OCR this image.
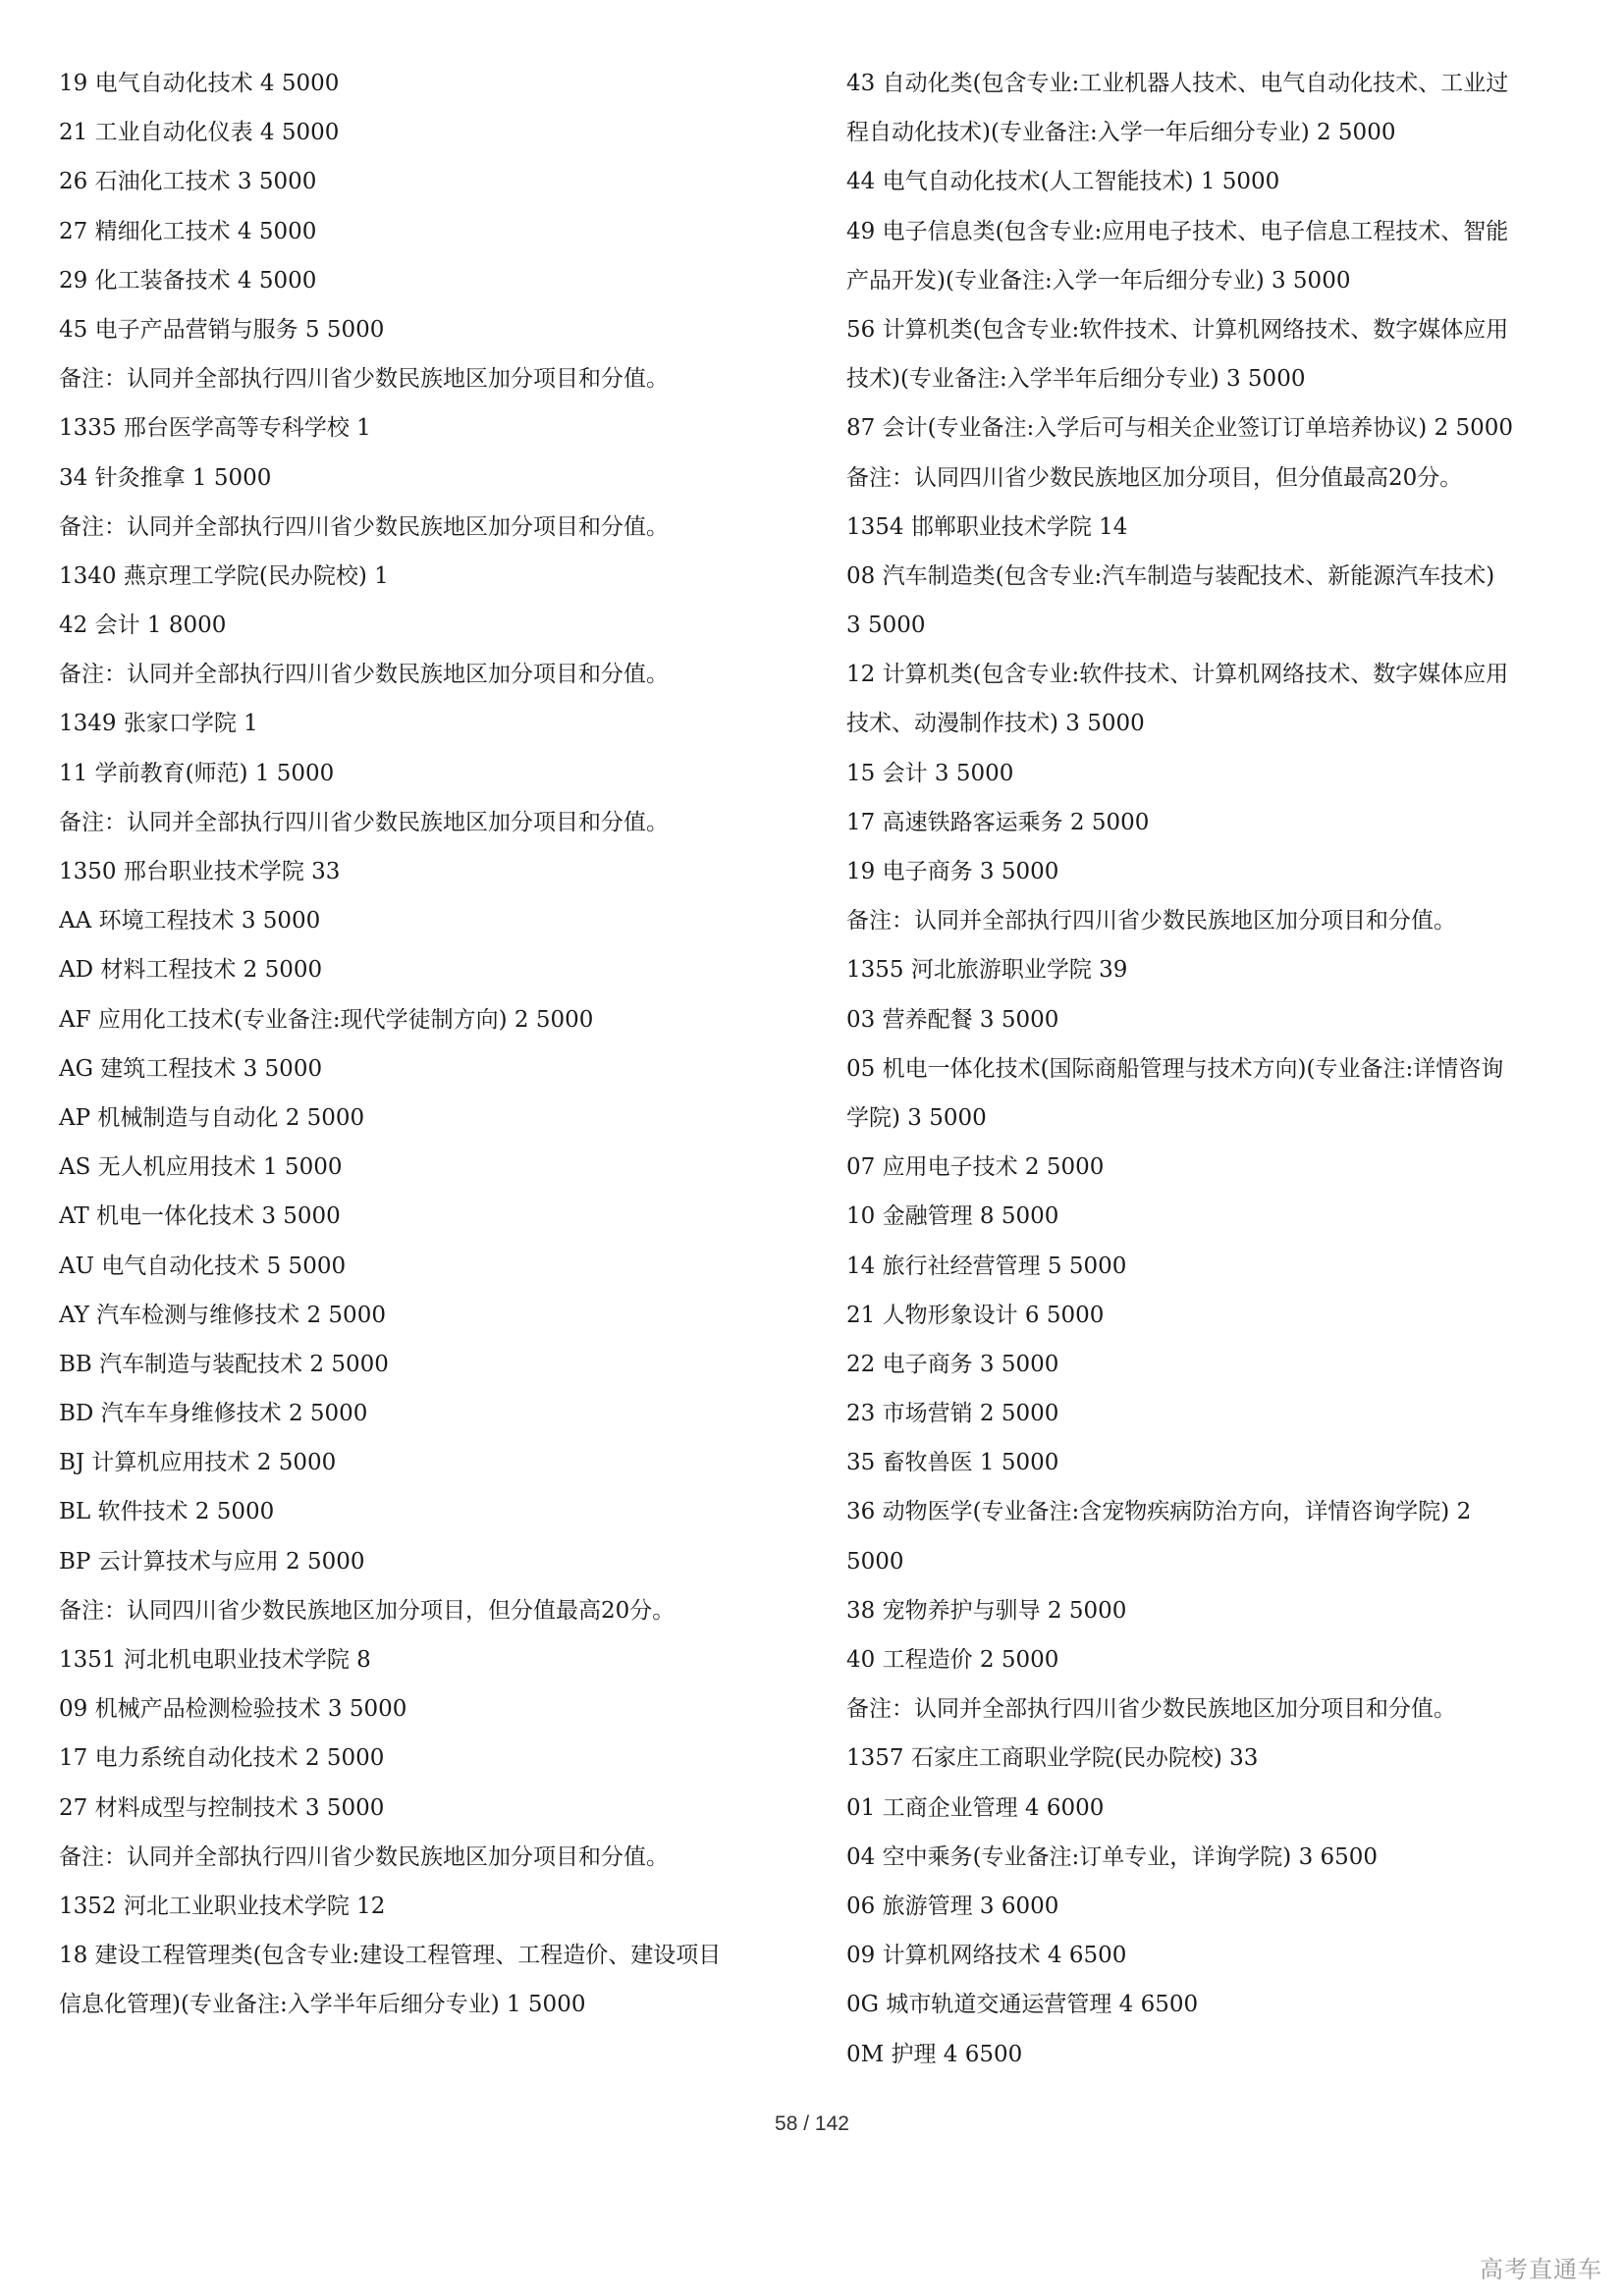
19 电气自动化技术 4 5000
21 工业自动化仪表 4 5000
26 石油化工技术 3 5000
27 精细化工技术 4 5000
29 化工装备技术 4 5000
45 电子产品营销与服务 5 5000
备注：认同并全部执行四川省少数民族地区加分项目和分值。
1335 邢台医学高等专科学校 1
34 针灸推拿 1 5000
备注：认同并全部执行四川省少数民族地区加分项目和分值。
1340 燕京理工学院(民办院校) 1
42 会计 1 8000
备注：认同并全部执行四川省少数民族地区加分项目和分值。
1349 张家口学院 1
11 学前教育(师范) 1 5000
备注：认同并全部执行四川省少数民族地区加分项目和分值。
1350 邢台职业技术学院 33
AA 环境工程技术 3 5000
AD 材料工程技术 2 5000
AF 应用化工技术(专业备注:现代学徒制方向) 2 5000
AG 建筑工程技术 3 5000
AP 机械制造与自动化 2 5000
AS 无人机应用技术 1 5000
AT 机电一体化技术 3 5000
AU 电气自动化技术 5 5000
AY 汽车检测与维修技术 2 5000
BB 汽车制造与装配技术 2 5000
BD 汽车车身维修技术 2 5000
BJ 计算机应用技术 2 5000
BL 软件技术 2 5000
BP 云计算技术与应用 2 5000
备注：认同四川省少数民族地区加分项目，但分值最高20分。
1351 河北机电职业技术学院 8
09 机械产品检测检验技术 3 5000
17 电力系统自动化技术 2 5000
27 材料成型与控制技术 3 5000
备注：认同并全部执行四川省少数民族地区加分项目和分值。
1352 河北工业职业技术学院 12
18 建设工程管理类(包含专业:建设工程管理、工程造价、建设项目
信息化管理)(专业备注:入学半年后细分专业) 1 5000
43 自动化类(包含专业:工业机器人技术、电气自动化技术、工业过
程自动化技术)(专业备注:入学一年后细分专业) 2 5000
44 电气自动化技术(人工智能技术) 1 5000
49 电子信息类(包含专业:应用电子技术、电子信息工程技术、智能
产品开发)(专业备注:入学一年后细分专业) 3 5000
56 计算机类(包含专业:软件技术、计算机网络技术、数字媒体应用
技术)(专业备注:入学半年后细分专业) 3 5000
87 会计(专业备注:入学后可与相关企业签订订单培养协议) 2 5000
备注：认同四川省少数民族地区加分项目，但分值最高20分。
1354 邯郸职业技术学院 14
08 汽车制造类(包含专业:汽车制造与装配技术、新能源汽车技术)
3 5000
12 计算机类(包含专业:软件技术、计算机网络技术、数字媒体应用
技术、动漫制作技术) 3 5000
15 会计 3 5000
17 高速铁路客运乘务 2 5000
19 电子商务 3 5000
备注：认同并全部执行四川省少数民族地区加分项目和分值。
1355 河北旅游职业学院 39
03 营养配餐 3 5000
05 机电一体化技术(国际商船管理与技术方向)(专业备注:详情咨询
学院) 3 5000
07 应用电子技术 2 5000
10 金融管理 8 5000
14 旅行社经营管理 5 5000
21 人物形象设计 6 5000
22 电子商务 3 5000
23 市场营销 2 5000
35 畜牧兽医 1 5000
36 动物医学(专业备注:含宠物疾病防治方向，详情咨询学院) 2
5000
38 宠物养护与驯导 2 5000
40 工程造价 2 5000
备注：认同并全部执行四川省少数民族地区加分项目和分值。
1357 石家庄工商职业学院(民办院校) 33
01 工商企业管理 4 6000
04 空中乘务(专业备注:订单专业，详询学院) 3 6500
06 旅游管理 3 6000
09 计算机网络技术 4 6500
0G 城市轨道交通运营管理 4 6500
0M 护理 4 6500
58 / 142
高考直通车
